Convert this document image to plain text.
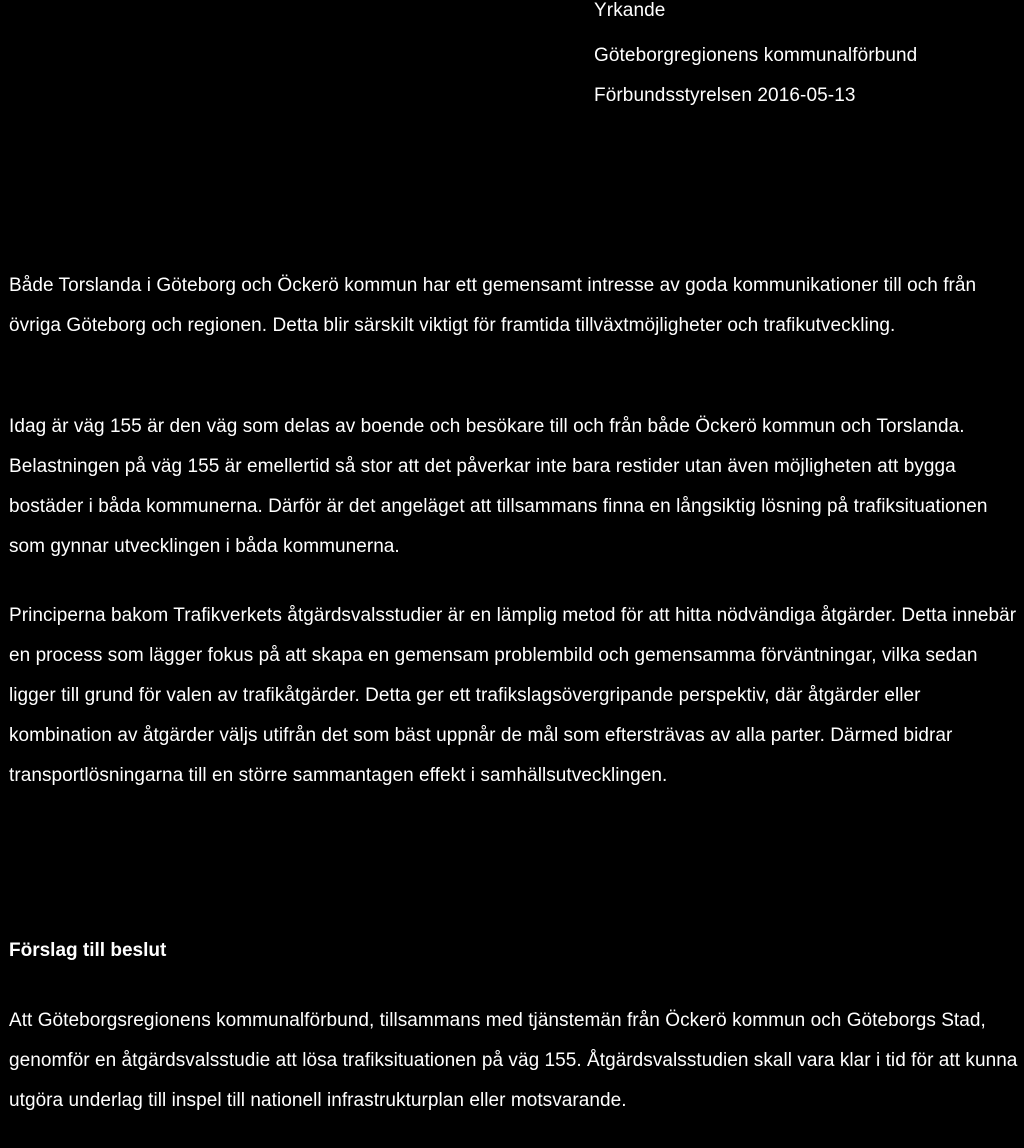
Yrkande
Göteborgregionens kommunalförbund
Förbundsstyrelsen 2016-05-13

Både Torslanda i Göteborg och Öckerö kommun har ett gemensamt intresse av goda kommunikationer till och från övriga Göteborg och regionen. Detta blir särskilt viktigt för framtida tillväxtmöjligheter och trafikutveckling.

Idag är väg 155 är den väg som delas av boende och besökare till och från både Öckerö kommun och Torslanda. Belastningen på väg 155 är emellertid så stor att det påverkar inte bara restider utan även möjligheten att bygga bostäder i båda kommunerna. Därför är det angeläget att tillsammans finna en långsiktig lösning på trafiksituationen som gynnar utvecklingen i båda kommunerna.

Principerna bakom Trafikverkets åtgärdsvalsstudier är en lämplig metod för att hitta nödvändiga åtgärder. Detta innebär en process som lägger fokus på att skapa en gemensam problembild och gemensamma förväntningar, vilka sedan ligger till grund för valen av trafikåtgärder. Detta ger ett trafikslagsövergripande perspektiv, där åtgärder eller kombination av åtgärder väljs utifrån det som bäst uppnår de mål som eftersträvas av alla parter. Därmed bidrar transportlösningarna till en större sammantagen effekt i samhällsutvecklingen.

Förslag till beslut

Att Göteborgsregionens kommunalförbund, tillsammans med tjänstemän från Öckerö kommun och Göteborgs Stad, genomför en åtgärdsvalsstudie att lösa trafiksituationen på väg 155. Åtgärdsvalsstudien skall vara klar i tid för att kunna utgöra underlag till inspel till nationell infrastrukturplan eller motsvarande.
